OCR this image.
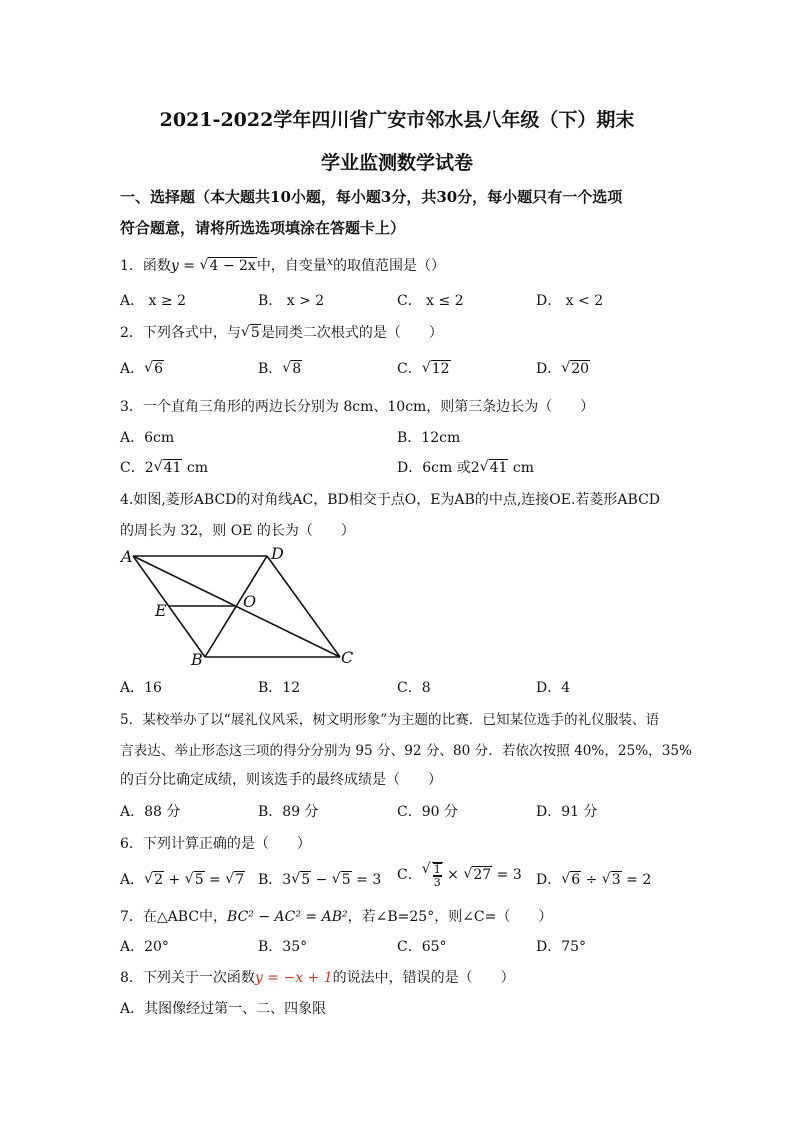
2021-2022学年四川省广安市邻水县八年级（下）期末
学业监测数学试卷
一、选择题（本大题共10小题，每小题3分，共30分，每小题只有一个选项
符合题意，请将所选选项填涂在答题卡上）
1．函数y = √ 4 − 2x中，自变量$^x$的取值范围是（）
A． x ≥ 2	B． x > 2	C． x ≤ 2	D． x < 2
2．下列各式中，与 √ 5是同类二次根式的是（　　）
A． √ 6	B． √ 8	C． √ 12	D． √ 20
3．一个直角三角形的两边长分别为 8cm、10cm，则第三条边长为（　　）
A．6cm	B．12cm
C．2 √ 41 cm	D．6cm 或2 √ 41 cm
4.如图,菱形ABCD的对角线AC，BD相交于点O，E为AB的中点,连接OE.若菱形ABCD
的周长为 32，则 OE 的长为（　　）
A	D
O
E
B	C
A．16	B．12	C．8	D．4
5．某校举办了以“展礼仪风采，树文明形象”为主题的比赛．已知某位选手的礼仪服装、语
言表达、举止形态这三项的得分分别为 95 分、92 分、80 分．若依次按照 40%，25%，35%
的百分比确定成绩，则该选手的最终成绩是（　　）
A．88 分	B．89 分	C．90 分	D．91 分
6．下列计算正确的是（　　）
A． √ 2 + √ 5 = √ 7 B．3 √ 5 − √ 5 = 3 C． √ $\frac{1}{3}$ × √ 27 = 3 D． √ 6 ÷ √ 3 = 2
7．在△ABC中，BC² − AC² = AB²，若∠B=25°，则∠C=（　　）
A．20°	B．35°	C．65°	D．75°
8．下列关于一次函数y = −x + 1的说法中，错误的是（　　）
A．其图像经过第一、二、四象限
